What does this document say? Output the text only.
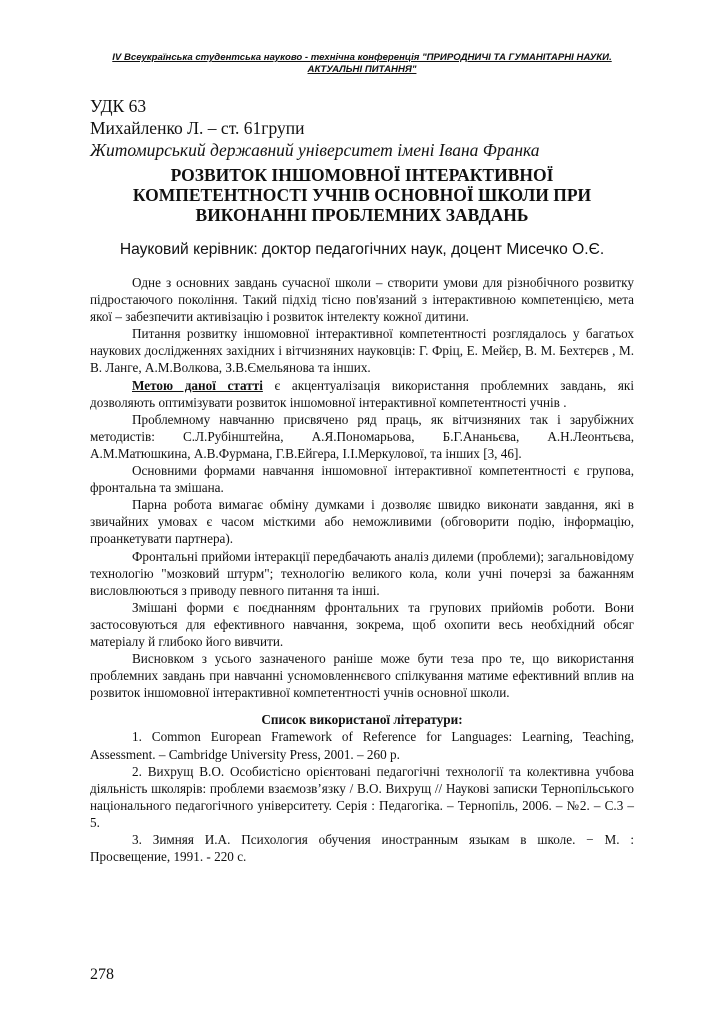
IV Всеукраїнська студентська науково - технічна конференція "ПРИРОДНИЧІ ТА ГУМАНІТАРНІ НАУКИ.
АКТУАЛЬНІ ПИТАННЯ"
УДК 63
Михайленко Л. – ст. 61групи
Житомирський державний університет імені Івана Франка
РОЗВИТОК ІНШОМОВНОЇ ІНТЕРАКТИВНОЇ
КОМПЕТЕНТНОСТІ УЧНІВ ОСНОВНОЇ ШКОЛИ ПРИ
ВИКОНАННІ ПРОБЛЕМНИХ ЗАВДАНЬ
Науковий керівник: доктор педагогічних наук, доцент Мисечко О.Є.

Одне з основних завдань сучасної школи – створити умови для різнобічного розвитку підростаючого покоління. Такий підхід тісно пов'язаний з інтерактивною компетенцією, мета якої – забезпечити активізацію і розвиток інтелекту кожної дитини.

Питання розвитку іншомовної інтерактивної компетентності розглядалось у багатьох наукових дослідженнях західних і вітчизняних науковців: Г. Фріц, Е. Мейєр, В. М. Бехтєрєв , М. В. Ланге, А.М.Волкова, З.В.Ємельянова та інших.

Метою даної статті є акцентуалізація використання проблемних завдань, які дозволяють оптимізувати розвиток іншомовної інтерактивної компетентності учнів .

Проблемному навчанню присвячено ряд праць, як вітчизняних так і зарубіжних методистів: С.Л.Рубінштейна, А.Я.Пономарьова, Б.Г.Ананьєва, А.Н.Леонтьєва, А.М.Матюшкина, А.В.Фурмана, Г.В.Ейгера, І.І.Меркулової, та інших [3, 46].

Основними формами навчання іншомовної інтерактивної компетентності є групова, фронтальна та змішана.

Парна робота вимагає обміну думками і дозволяє швидко виконати завдання, які в звичайних умовах є часом місткими або неможливими (обговорити подію, інформацію, проанкетувати партнера).

Фронтальні прийоми інтеракції передбачають аналіз дилеми (проблеми); загальновідому технологію "мозковий штурм"; технологію великого кола, коли учні почерзі за бажанням висловлюються з приводу певного питання та інші.

Змішані форми є поєднанням фронтальних та групових прийомів роботи. Вони застосовуються для ефективного навчання, зокрема, щоб охопити весь необхідний обсяг матеріалу й глибоко його вивчити.

Висновком з усього зазначеного раніше може бути теза про те, що використання проблемних завдань при навчанні усномовленнєвого спілкування матиме ефективний вплив на розвиток іншомовної інтерактивної компетентності учнів основної школи.

Список використаної літератури:

1. Common European Framework of Reference for Languages: Learning, Teaching, Assessment. – Cambridge University Press, 2001. – 260 p.

2. Вихрущ В.О. Особистісно орієнтовані педагогічні технології та колективна учбова діяльність школярів: проблеми взаємозв’язку / В.О. Вихрущ // Наукові записки Тернопільського національного педагогічного університету. Серія : Педагогіка. – Тернопіль, 2006. – №2. – С.3 – 5.

3. Зимняя И.А. Психология обучения иностранным языкам в школе. − М. : Просвещение, 1991. - 220 с.

278
